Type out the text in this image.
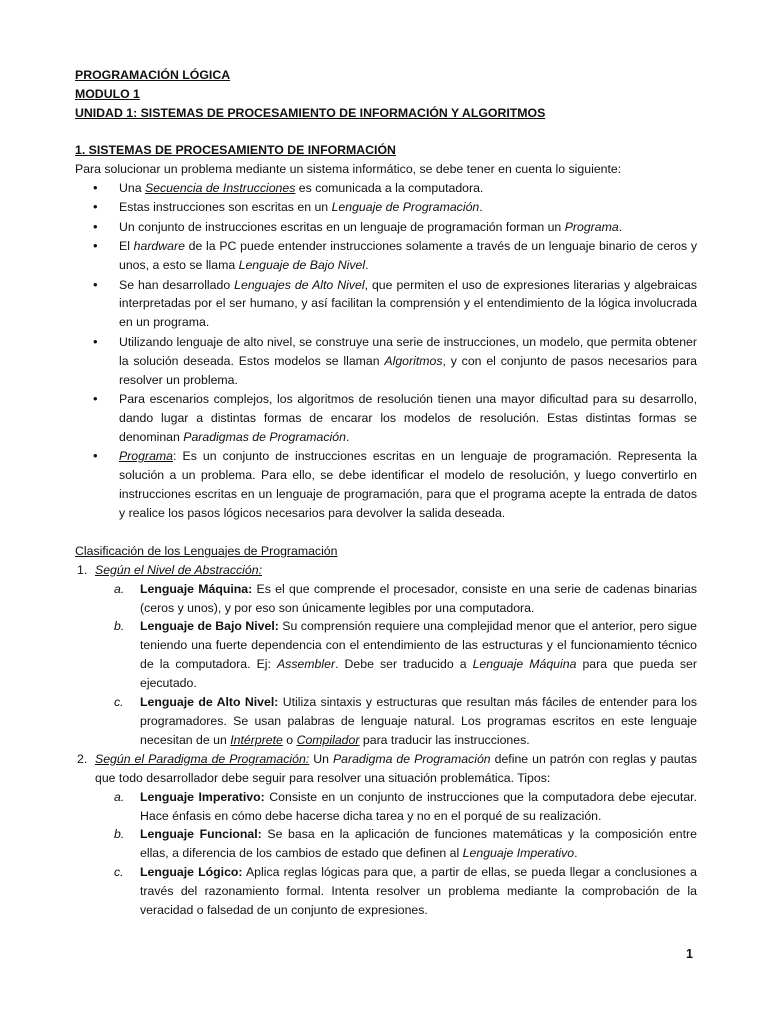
PROGRAMACIÓN LÓGICA

MODULO 1

UNIDAD 1: SISTEMAS DE PROCESAMIENTO DE INFORMACIÓN Y ALGORITMOS

1. SISTEMAS DE PROCESAMIENTO DE INFORMACIÓN

Para solucionar un problema mediante un sistema informático, se debe tener en cuenta lo siguiente:

• Una Secuencia de Instrucciones es comunicada a la computadora.
• Estas instrucciones son escritas en un Lenguaje de Programación.
• Un conjunto de instrucciones escritas en un lenguaje de programación forman un Programa.
• El hardware de la PC puede entender instrucciones solamente a través de un lenguaje binario de ceros y unos, a esto se llama Lenguaje de Bajo Nivel.
• Se han desarrollado Lenguajes de Alto Nivel, que permiten el uso de expresiones literarias y algebraicas interpretadas por el ser humano, y así facilitan la comprensión y el entendimiento de la lógica involucrada en un programa.
• Utilizando lenguaje de alto nivel, se construye una serie de instrucciones, un modelo, que permita obtener la solución deseada. Estos modelos se llaman Algoritmos, y con el conjunto de pasos necesarios para resolver un problema.
• Para escenarios complejos, los algoritmos de resolución tienen una mayor dificultad para su desarrollo, dando lugar a distintas formas de encarar los modelos de resolución. Estas distintas formas se denominan Paradigmas de Programación.
• Programa: Es un conjunto de instrucciones escritas en un lenguaje de programación. Representa la solución a un problema. Para ello, se debe identificar el modelo de resolución, y luego convertirlo en instrucciones escritas en un lenguaje de programación, para que el programa acepte la entrada de datos y realice los pasos lógicos necesarios para devolver la salida deseada.

Clasificación de los Lenguajes de Programación

1. Según el Nivel de Abstracción:
a. Lenguaje Máquina: Es el que comprende el procesador, consiste en una serie de cadenas binarias (ceros y unos), y por eso son únicamente legibles por una computadora.
b. Lenguaje de Bajo Nivel: Su comprensión requiere una complejidad menor que el anterior, pero sigue teniendo una fuerte dependencia con el entendimiento de las estructuras y el funcionamiento técnico de la computadora. Ej: Assembler. Debe ser traducido a Lenguaje Máquina para que pueda ser ejecutado.
c. Lenguaje de Alto Nivel: Utiliza sintaxis y estructuras que resultan más fáciles de entender para los programadores. Se usan palabras de lenguaje natural. Los programas escritos en este lenguaje necesitan de un Intérprete o Compilador para traducir las instrucciones.
2. Según el Paradigma de Programación: Un Paradigma de Programación define un patrón con reglas y pautas que todo desarrollador debe seguir para resolver una situación problemática. Tipos:
a. Lenguaje Imperativo: Consiste en un conjunto de instrucciones que la computadora debe ejecutar. Hace énfasis en cómo debe hacerse dicha tarea y no en el porqué de su realización.
b. Lenguaje Funcional: Se basa en la aplicación de funciones matemáticas y la composición entre ellas, a diferencia de los cambios de estado que definen al Lenguaje Imperativo.
c. Lenguaje Lógico: Aplica reglas lógicas para que, a partir de ellas, se pueda llegar a conclusiones a través del razonamiento formal. Intenta resolver un problema mediante la comprobación de la veracidad o falsedad de un conjunto de expresiones.
1
